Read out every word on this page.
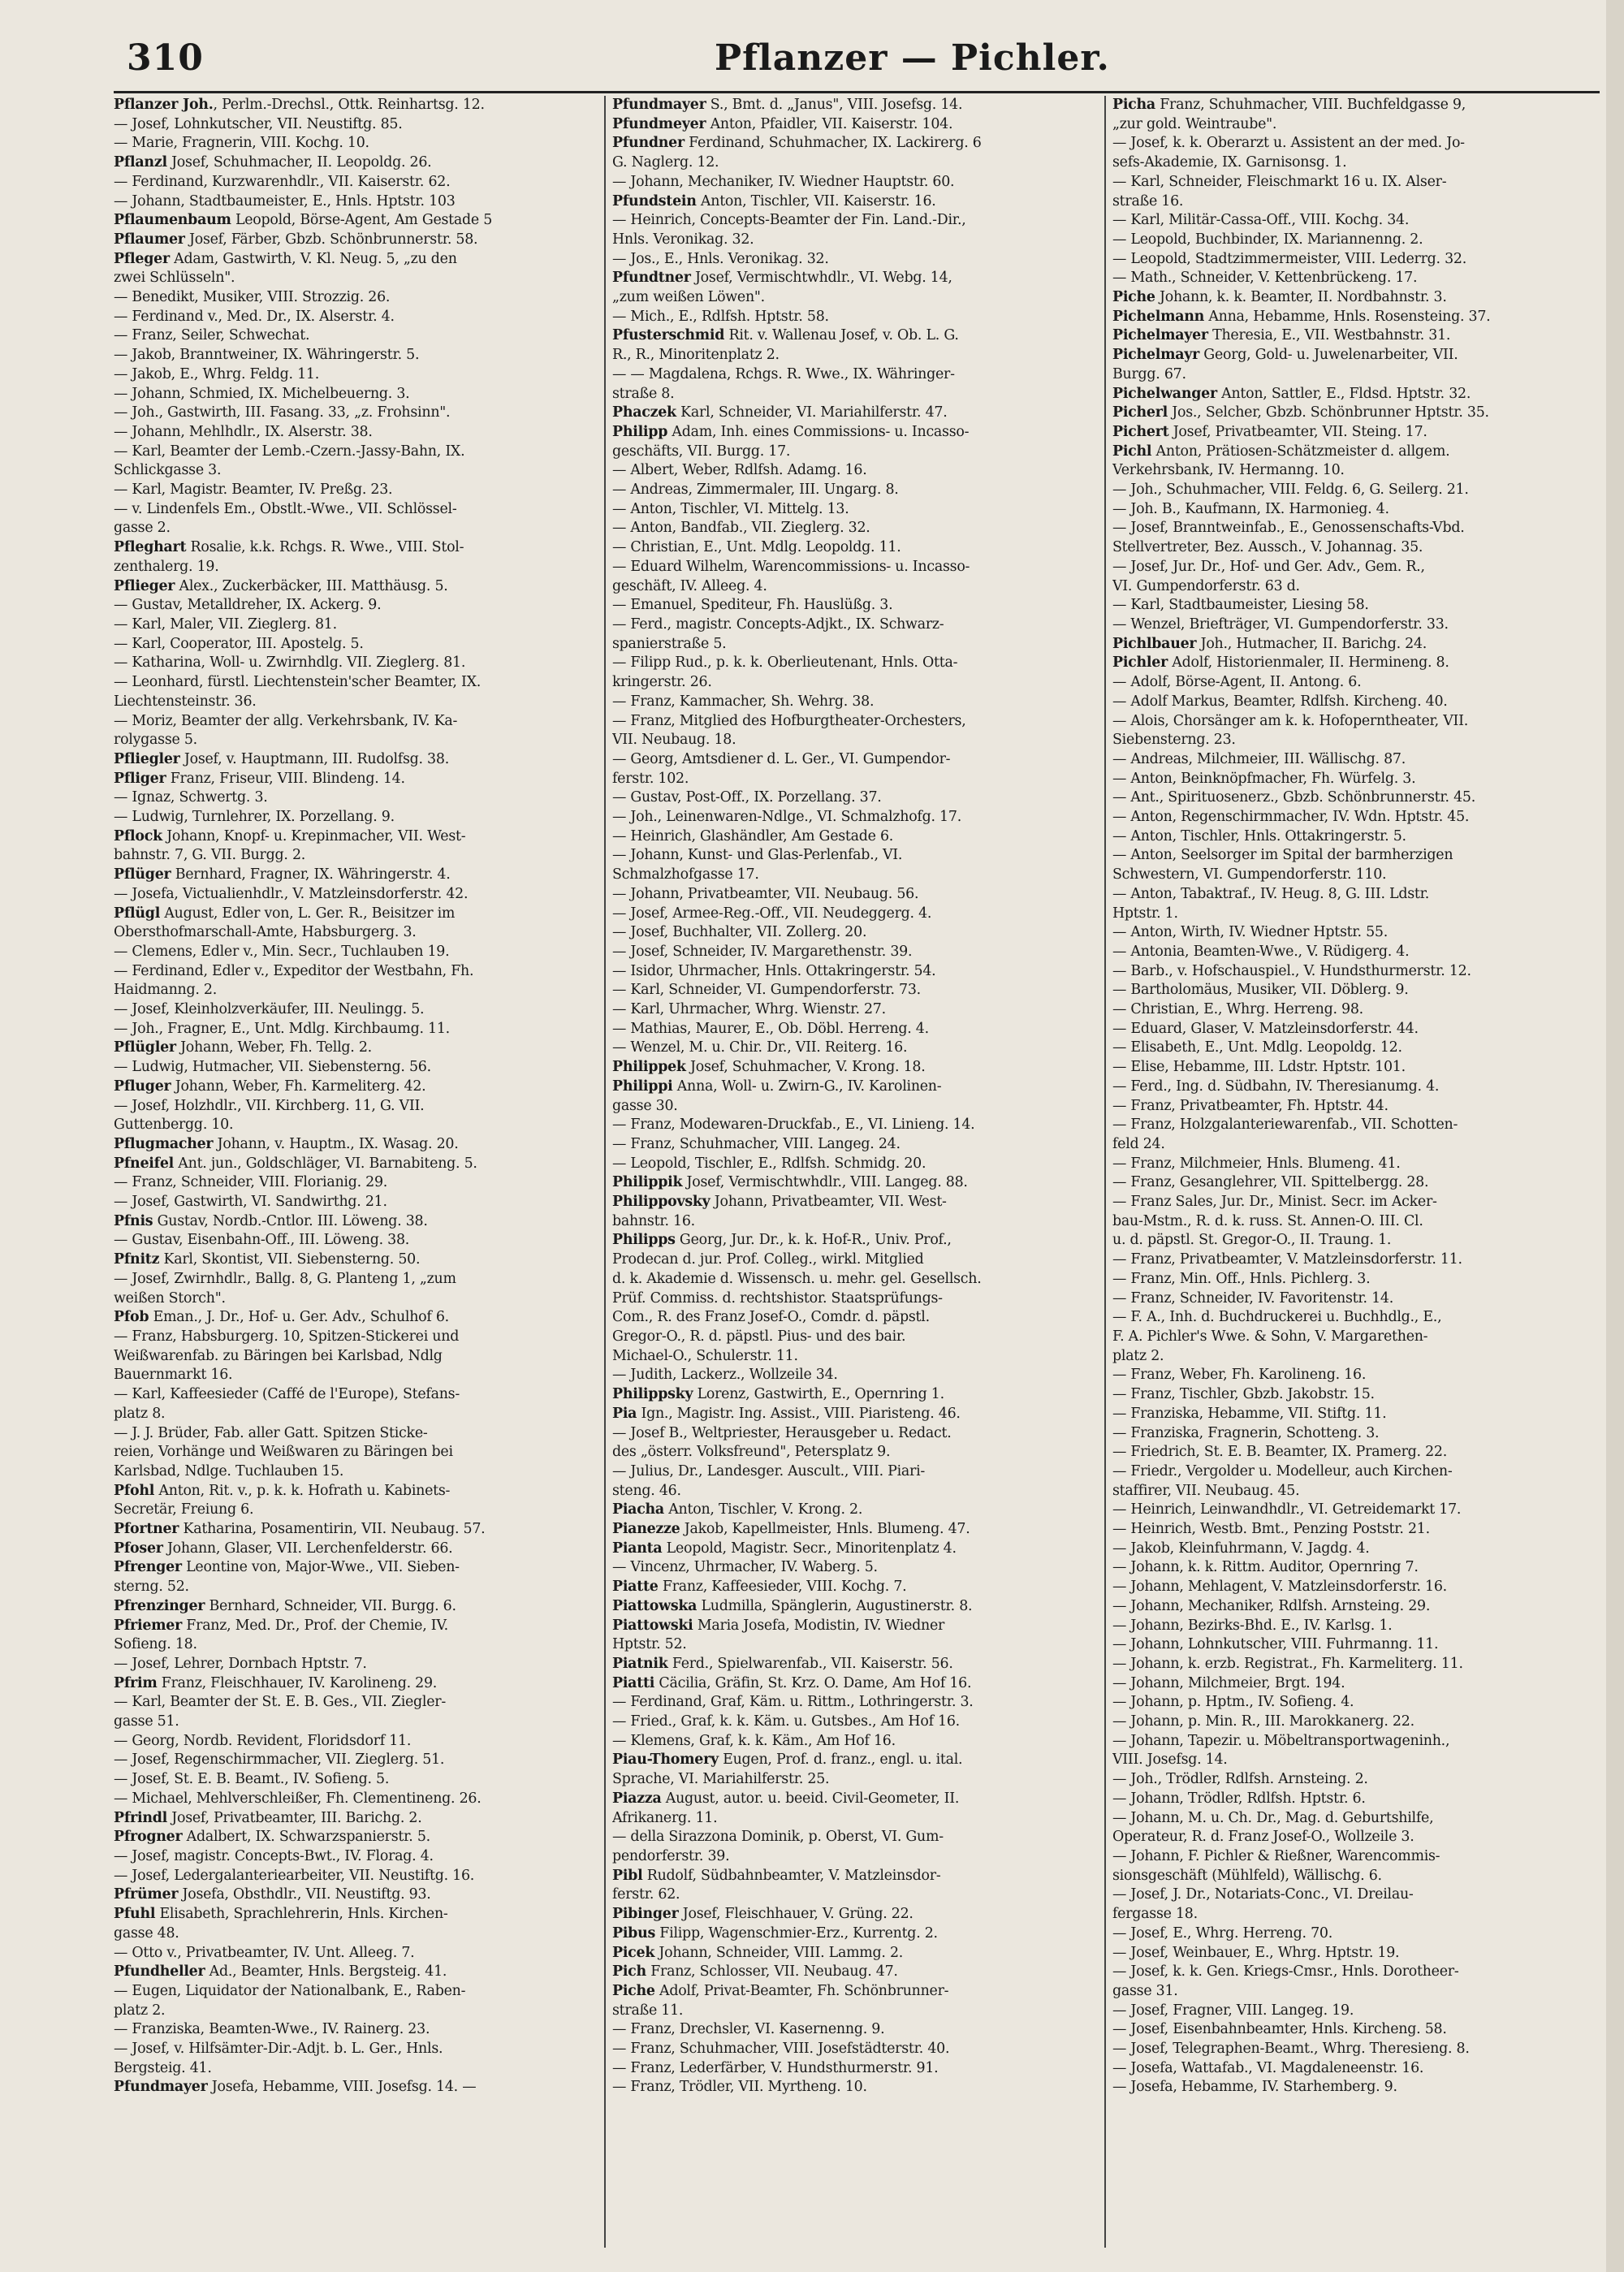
310	Pflanzer — Pichler.
Pflanzer Joh., Perlm.-Drechsl., Ottk. Reinhartsg. 12.
— Josef, Lohnkutscher, VII. Neustiftg. 85.
— Marie, Fragnerin, VIII. Kochg. 10.
Pflanzl Josef, Schuhmacher, II. Leopoldg. 26.
— Ferdinand, Kurzwarenhdlr., VII. Kaiserstr. 62.
— Johann, Stadtbaumeister, E., Hnls. Hptstr. 103
Pflaumenbaum Leopold, Börse-Agent, Am Gestade 5
Pflaumer Josef, Färber, Gbzb. Schönbrunnerstr. 58.
Pfleger Adam, Gastwirth, V. Kl. Neug. 5, „zu den
zwei Schlüsseln".
— Benedikt, Musiker, VIII. Strozzig. 26.
— Ferdinand v., Med. Dr., IX. Alserstr. 4.
— Franz, Seiler, Schwechat.
— Jakob, Branntweiner, IX. Währingerstr. 5.
— Jakob, E., Whrg. Feldg. 11.
— Johann, Schmied, IX. Michelbeuerng. 3.
— Joh., Gastwirth, III. Fasang. 33, „z. Frohsinn".
— Johann, Mehlhdlr., IX. Alserstr. 38.
— Karl, Beamter der Lemb.-Czern.-Jassy-Bahn, IX.
Schlickgasse 3.
— Karl, Magistr. Beamter, IV. Preßg. 23.
— v. Lindenfels Em., Obstlt.-Wwe., VII. Schlössel-
gasse 2.
Pfleghart Rosalie, k.k. Rchgs. R. Wwe., VIII. Stol-
zenthalerg. 19.
Pflieger Alex., Zuckerbäcker, III. Matthäusg. 5.
— Gustav, Metalldreher, IX. Ackerg. 9.
— Karl, Maler, VII. Zieglerg. 81.
— Karl, Cooperator, III. Apostelg. 5.
— Katharina, Woll- u. Zwirnhdlg. VII. Zieglerg. 81.
— Leonhard, fürstl. Liechtenstein'scher Beamter, IX.
Liechtensteinstr. 36.
— Moriz, Beamter der allg. Verkehrsbank, IV. Ka-
rolygasse 5.
Pfliegler Josef, v. Hauptmann, III. Rudolfsg. 38.
Pfliger Franz, Friseur, VIII. Blindeng. 14.
— Ignaz, Schwertg. 3.
— Ludwig, Turnlehrer, IX. Porzellang. 9.
Pflock Johann, Knopf- u. Krepinmacher, VII. West-
bahnstr. 7, G. VII. Burgg. 2.
Pflüger Bernhard, Fragner, IX. Währingerstr. 4.
— Josefa, Victualienhdlr., V. Matzleinsdorferstr. 42.
Pflügl August, Edler von, L. Ger. R., Beisitzer im
Obersthofmarschall-Amte, Habsburgerg. 3.
— Clemens, Edler v., Min. Secr., Tuchlauben 19.
— Ferdinand, Edler v., Expeditor der Westbahn, Fh.
Haidmanng. 2.
— Josef, Kleinholzverkäufer, III. Neulingg. 5.
— Joh., Fragner, E., Unt. Mdlg. Kirchbaumg. 11.
Pflügler Johann, Weber, Fh. Tellg. 2.
— Ludwig, Hutmacher, VII. Siebensterng. 56.
Pfluger Johann, Weber, Fh. Karmeliterg. 42.
— Josef, Holzhdlr., VII. Kirchberg. 11, G. VII.
Guttenbergg. 10.
Pflugmacher Johann, v. Hauptm., IX. Wasag. 20.
Pfneifel Ant. jun., Goldschläger, VI. Barnabiteng. 5.
— Franz, Schneider, VIII. Florianig. 29.
— Josef, Gastwirth, VI. Sandwirthg. 21.
Pfnis Gustav, Nordb.-Cntlor. III. Löweng. 38.
— Gustav, Eisenbahn-Off., III. Löweng. 38.
Pfnitz Karl, Skontist, VII. Siebensterng. 50.
— Josef, Zwirnhdlr., Ballg. 8, G. Planteng 1, „zum
weißen Storch".
Pfob Eman., J. Dr., Hof- u. Ger. Adv., Schulhof 6.
— Franz, Habsburgerg. 10, Spitzen-Stickerei und
Weißwarenfab. zu Bäringen bei Karlsbad, Ndlg
Bauernmarkt 16.
— Karl, Kaffeesieder (Caffé de l'Europe), Stefans-
platz 8.
— J. J. Brüder, Fab. aller Gatt. Spitzen Sticke-
reien, Vorhänge und Weißwaren zu Bäringen bei
Karlsbad, Ndlge. Tuchlauben 15.
Pfohl Anton, Rit. v., p. k. k. Hofrath u. Kabinets-
Secretär, Freiung 6.
Pfortner Katharina, Posamentirin, VII. Neubaug. 57.
Pfoser Johann, Glaser, VII. Lerchenfelderstr. 66.
Pfrenger Leontine von, Major-Wwe., VII. Sieben-
sterng. 52.
Pfrenzinger Bernhard, Schneider, VII. Burgg. 6.
Pfriemer Franz, Med. Dr., Prof. der Chemie, IV.
Sofieng. 18.
— Josef, Lehrer, Dornbach Hptstr. 7.
Pfrim Franz, Fleischhauer, IV. Karolineng. 29.
— Karl, Beamter der St. E. B. Ges., VII. Ziegler-
gasse 51.
— Georg, Nordb. Revident, Floridsdorf 11.
— Josef, Regenschirmmacher, VII. Zieglerg. 51.
— Josef, St. E. B. Beamt., IV. Sofieng. 5.
— Michael, Mehlverschleißer, Fh. Clementineng. 26.
Pfrindl Josef, Privatbeamter, III. Barichg. 2.
Pfrogner Adalbert, IX. Schwarzspanierstr. 5.
— Josef, magistr. Concepts-Bwt., IV. Florag. 4.
— Josef, Ledergalanteriearbeiter, VII. Neustiftg. 16.
Pfrümer Josefa, Obsthdlr., VII. Neustiftg. 93.
Pfuhl Elisabeth, Sprachlehrerin, Hnls. Kirchen-
gasse 48.
— Otto v., Privatbeamter, IV. Unt. Alleeg. 7.
Pfundheller Ad., Beamter, Hnls. Bergsteig. 41.
— Eugen, Liquidator der Nationalbank, E., Raben-
platz 2.
— Franziska, Beamten-Wwe., IV. Rainerg. 23.
— Josef, v. Hilfsämter-Dir.-Adjt. b. L. Ger., Hnls.
Bergsteig. 41.
Pfundmayer Josefa, Hebamme, VIII. Josefsg. 14. —
Pfundmayer S., Bmt. d. „Janus", VIII. Josefsg. 14.
Pfundmeyer Anton, Pfaidler, VII. Kaiserstr. 104.
Pfundner Ferdinand, Schuhmacher, IX. Lackirerg. 6
G. Naglerg. 12.
— Johann, Mechaniker, IV. Wiedner Hauptstr. 60.
Pfundstein Anton, Tischler, VII. Kaiserstr. 16.
— Heinrich, Concepts-Beamter der Fin. Land.-Dir.,
Hnls. Veronikag. 32.
— Jos., E., Hnls. Veronikag. 32.
Pfundtner Josef, Vermischtwhdlr., VI. Webg. 14,
„zum weißen Löwen".
— Mich., E., Rdlfsh. Hptstr. 58.
Pfusterschmid Rit. v. Wallenau Josef, v. Ob. L. G.
R., R., Minoritenplatz 2.
— — Magdalena, Rchgs. R. Wwe., IX. Währinger-
straße 8.
Phaczek Karl, Schneider, VI. Mariahilferstr. 47.
Philipp Adam, Inh. eines Commissions- u. Incasso-
geschäfts, VII. Burgg. 17.
— Albert, Weber, Rdlfsh. Adamg. 16.
— Andreas, Zimmermaler, III. Ungarg. 8.
— Anton, Tischler, VI. Mittelg. 13.
— Anton, Bandfab., VII. Zieglerg. 32.
— Christian, E., Unt. Mdlg. Leopoldg. 11.
— Eduard Wilhelm, Warencommissions- u. Incasso-
geschäft, IV. Alleeg. 4.
— Emanuel, Spediteur, Fh. Hauslüßg. 3.
— Ferd., magistr. Concepts-Adjkt., IX. Schwarz-
spanierstraße 5.
— Filipp Rud., p. k. k. Oberlieutenant, Hnls. Otta-
kringerstr. 26.
— Franz, Kammacher, Sh. Wehrg. 38.
— Franz, Mitglied des Hofburgtheater-Orchesters,
VII. Neubaug. 18.
— Georg, Amtsdiener d. L. Ger., VI. Gumpendor-
ferstr. 102.
— Gustav, Post-Off., IX. Porzellang. 37.
— Joh., Leinenwaren-Ndlge., VI. Schmalzhofg. 17.
— Heinrich, Glashändler, Am Gestade 6.
— Johann, Kunst- und Glas-Perlenfab., VI.
Schmalzhofgasse 17.
— Johann, Privatbeamter, VII. Neubaug. 56.
— Josef, Armee-Reg.-Off., VII. Neudeggerg. 4.
— Josef, Buchhalter, VII. Zollerg. 20.
— Josef, Schneider, IV. Margarethenstr. 39.
— Isidor, Uhrmacher, Hnls. Ottakringerstr. 54.
— Karl, Schneider, VI. Gumpendorferstr. 73.
— Karl, Uhrmacher, Whrg. Wienstr. 27.
— Mathias, Maurer, E., Ob. Döbl. Herreng. 4.
— Wenzel, M. u. Chir. Dr., VII. Reiterg. 16.
Philippek Josef, Schuhmacher, V. Krong. 18.
Philippi Anna, Woll- u. Zwirn-G., IV. Karolinen-
gasse 30.
— Franz, Modewaren-Druckfab., E., VI. Linieng. 14.
— Franz, Schuhmacher, VIII. Langeg. 24.
— Leopold, Tischler, E., Rdlfsh. Schmidg. 20.
Philippik Josef, Vermischtwhdlr., VIII. Langeg. 88.
Philippovsky Johann, Privatbeamter, VII. West-
bahnstr. 16.
Philipps Georg, Jur. Dr., k. k. Hof-R., Univ. Prof.,
Prodecan d. jur. Prof. Colleg., wirkl. Mitglied
d. k. Akademie d. Wissensch. u. mehr. gel. Gesellsch.
Prüf. Commiss. d. rechtshistor. Staatsprüfungs-
Com., R. des Franz Josef-O., Comdr. d. päpstl.
Gregor-O., R. d. päpstl. Pius- und des bair.
Michael-O., Schulerstr. 11.
— Judith, Lackerz., Wollzeile 34.
Philippsky Lorenz, Gastwirth, E., Opernring 1.
Pia Ign., Magistr. Ing. Assist., VIII. Piaristeng. 46.
— Josef B., Weltpriester, Herausgeber u. Redact.
des „österr. Volksfreund", Petersplatz 9.
— Julius, Dr., Landesger. Auscult., VIII. Piari-
steng. 46.
Piacha Anton, Tischler, V. Krong. 2.
Pianezze Jakob, Kapellmeister, Hnls. Blumeng. 47.
Pianta Leopold, Magistr. Secr., Minoritenplatz 4.
— Vincenz, Uhrmacher, IV. Waberg. 5.
Piatte Franz, Kaffeesieder, VIII. Kochg. 7.
Piattowska Ludmilla, Spänglerin, Augustinerstr. 8.
Piattowski Maria Josefa, Modistin, IV. Wiedner
Hptstr. 52.
Piatnik Ferd., Spielwarenfab., VII. Kaiserstr. 56.
Piatti Cäcilia, Gräfin, St. Krz. O. Dame, Am Hof 16.
— Ferdinand, Graf, Käm. u. Rittm., Lothringerstr. 3.
— Fried., Graf, k. k. Käm. u. Gutsbes., Am Hof 16.
— Klemens, Graf, k. k. Käm., Am Hof 16.
Piau-Thomery Eugen, Prof. d. franz., engl. u. ital.
Sprache, VI. Mariahilferstr. 25.
Piazza August, autor. u. beeid. Civil-Geometer, II.
Afrikanerg. 11.
— della Sirazzona Dominik, p. Oberst, VI. Gum-
pendorferstr. 39.
Pibl Rudolf, Südbahnbeamter, V. Matzleinsdor-
ferstr. 62.
Pibinger Josef, Fleischhauer, V. Grüng. 22.
Pibus Filipp, Wagenschmier-Erz., Kurrentg. 2.
Picek Johann, Schneider, VIII. Lammg. 2.
Pich Franz, Schlosser, VII. Neubaug. 47.
Piche Adolf, Privat-Beamter, Fh. Schönbrunner-
straße 11.
— Franz, Drechsler, VI. Kasernenng. 9.
— Franz, Schuhmacher, VIII. Josefstädterstr. 40.
— Franz, Lederfärber, V. Hundsthurmerstr. 91.
— Franz, Trödler, VII. Myrtheng. 10.
Picha Franz, Schuhmacher, VIII. Buchfeldgasse 9,
„zur gold. Weintraube".
— Josef, k. k. Oberarzt u. Assistent an der med. Jo-
sefs-Akademie, IX. Garnisonsg. 1.
— Karl, Schneider, Fleischmarkt 16 u. IX. Alser-
straße 16.
— Karl, Militär-Cassa-Off., VIII. Kochg. 34.
— Leopold, Buchbinder, IX. Mariannenng. 2.
— Leopold, Stadtzimmermeister, VIII. Lederrg. 32.
— Math., Schneider, V. Kettenbrückeng. 17.
Piche Johann, k. k. Beamter, II. Nordbahnstr. 3.
Pichelmann Anna, Hebamme, Hnls. Rosensteing. 37.
Pichelmayer Theresia, E., VII. Westbahnstr. 31.
Pichelmayr Georg, Gold- u. Juwelenarbeiter, VII.
Burgg. 67.
Pichelwanger Anton, Sattler, E., Fldsd. Hptstr. 32.
Picherl Jos., Selcher, Gbzb. Schönbrunner Hptstr. 35.
Pichert Josef, Privatbeamter, VII. Steing. 17.
Pichl Anton, Prätiosen-Schätzmeister d. allgem.
Verkehrsbank, IV. Hermanng. 10.
— Joh., Schuhmacher, VIII. Feldg. 6, G. Seilerg. 21.
— Joh. B., Kaufmann, IX. Harmonieg. 4.
— Josef, Branntweinfab., E., Genossenschafts-Vbd.
Stellvertreter, Bez. Aussch., V. Johannag. 35.
— Josef, Jur. Dr., Hof- und Ger. Adv., Gem. R.,
VI. Gumpendorferstr. 63 d.
— Karl, Stadtbaumeister, Liesing 58.
— Wenzel, Briefträger, VI. Gumpendorferstr. 33.
Pichlbauer Joh., Hutmacher, II. Barichg. 24.
Pichler Adolf, Historienmaler, II. Hermineng. 8.
— Adolf, Börse-Agent, II. Antong. 6.
— Adolf Markus, Beamter, Rdlfsh. Kircheng. 40.
— Alois, Chorsänger am k. k. Hofoperntheater, VII.
Siebensterng. 23.
— Andreas, Milchmeier, III. Wällischg. 87.
— Anton, Beinknöpfmacher, Fh. Würfelg. 3.
— Ant., Spirituosenerz., Gbzb. Schönbrunnerstr. 45.
— Anton, Regenschirmmacher, IV. Wdn. Hptstr. 45.
— Anton, Tischler, Hnls. Ottakringerstr. 5.
— Anton, Seelsorger im Spital der barmherzigen
Schwestern, VI. Gumpendorferstr. 110.
— Anton, Tabaktraf., IV. Heug. 8, G. III. Ldstr.
Hptstr. 1.
— Anton, Wirth, IV. Wiedner Hptstr. 55.
— Antonia, Beamten-Wwe., V. Rüdigerg. 4.
— Barb., v. Hofschauspiel., V. Hundsthurmerstr. 12.
— Bartholomäus, Musiker, VII. Döblerg. 9.
— Christian, E., Whrg. Herreng. 98.
— Eduard, Glaser, V. Matzleinsdorferstr. 44.
— Elisabeth, E., Unt. Mdlg. Leopoldg. 12.
— Elise, Hebamme, III. Ldstr. Hptstr. 101.
— Ferd., Ing. d. Südbahn, IV. Theresianumg. 4.
— Franz, Privatbeamter, Fh. Hptstr. 44.
— Franz, Holzgalanteriewarenfab., VII. Schotten-
feld 24.
— Franz, Milchmeier, Hnls. Blumeng. 41.
— Franz, Gesanglehrer, VII. Spittelbergg. 28.
— Franz Sales, Jur. Dr., Minist. Secr. im Acker-
bau-Mstm., R. d. k. russ. St. Annen-O. III. Cl.
u. d. päpstl. St. Gregor-O., II. Traung. 1.
— Franz, Privatbeamter, V. Matzleinsdorferstr. 11.
— Franz, Min. Off., Hnls. Pichlerg. 3.
— Franz, Schneider, IV. Favoritenstr. 14.
— F. A., Inh. d. Buchdruckerei u. Buchhdlg., E.,
F. A. Pichler's Wwe. & Sohn, V. Margarethen-
platz 2.
— Franz, Weber, Fh. Karolineng. 16.
— Franz, Tischler, Gbzb. Jakobstr. 15.
— Franziska, Hebamme, VII. Stiftg. 11.
— Franziska, Fragnerin, Schotteng. 3.
— Friedrich, St. E. B. Beamter, IX. Pramerg. 22.
— Friedr., Vergolder u. Modelleur, auch Kirchen-
staffirer, VII. Neubaug. 45.
— Heinrich, Leinwandhdlr., VI. Getreidemarkt 17.
— Heinrich, Westb. Bmt., Penzing Poststr. 21.
— Jakob, Kleinfuhrmann, V. Jagdg. 4.
— Johann, k. k. Rittm. Auditor, Opernring 7.
— Johann, Mehlagent, V. Matzleinsdorferstr. 16.
— Johann, Mechaniker, Rdlfsh. Arnsteing. 29.
— Johann, Bezirks-Bhd. E., IV. Karlsg. 1.
— Johann, Lohnkutscher, VIII. Fuhrmanng. 11.
— Johann, k. erzb. Registrat., Fh. Karmeliterg. 11.
— Johann, Milchmeier, Brgt. 194.
— Johann, p. Hptm., IV. Sofieng. 4.
— Johann, p. Min. R., III. Marokkanerg. 22.
— Johann, Tapezir. u. Möbeltransportwageninh.,
VIII. Josefsg. 14.
— Joh., Trödler, Rdlfsh. Arnsteing. 2.
— Johann, Trödler, Rdlfsh. Hptstr. 6.
— Johann, M. u. Ch. Dr., Mag. d. Geburtshilfe,
Operateur, R. d. Franz Josef-O., Wollzeile 3.
— Johann, F. Pichler & Rießner, Warencommis-
sionsgeschäft (Mühlfeld), Wällischg. 6.
— Josef, J. Dr., Notariats-Conc., VI. Dreilau-
fergasse 18.
— Josef, E., Whrg. Herreng. 70.
— Josef, Weinbauer, E., Whrg. Hptstr. 19.
— Josef, k. k. Gen. Kriegs-Cmsr., Hnls. Dorotheer-
gasse 31.
— Josef, Fragner, VIII. Langeg. 19.
— Josef, Eisenbahnbeamter, Hnls. Kircheng. 58.
— Josef, Telegraphen-Beamt., Whrg. Theresieng. 8.
— Josefa, Wattafab., VI. Magdaleneenstr. 16.
— Josefa, Hebamme, IV. Starhemberg. 9.
